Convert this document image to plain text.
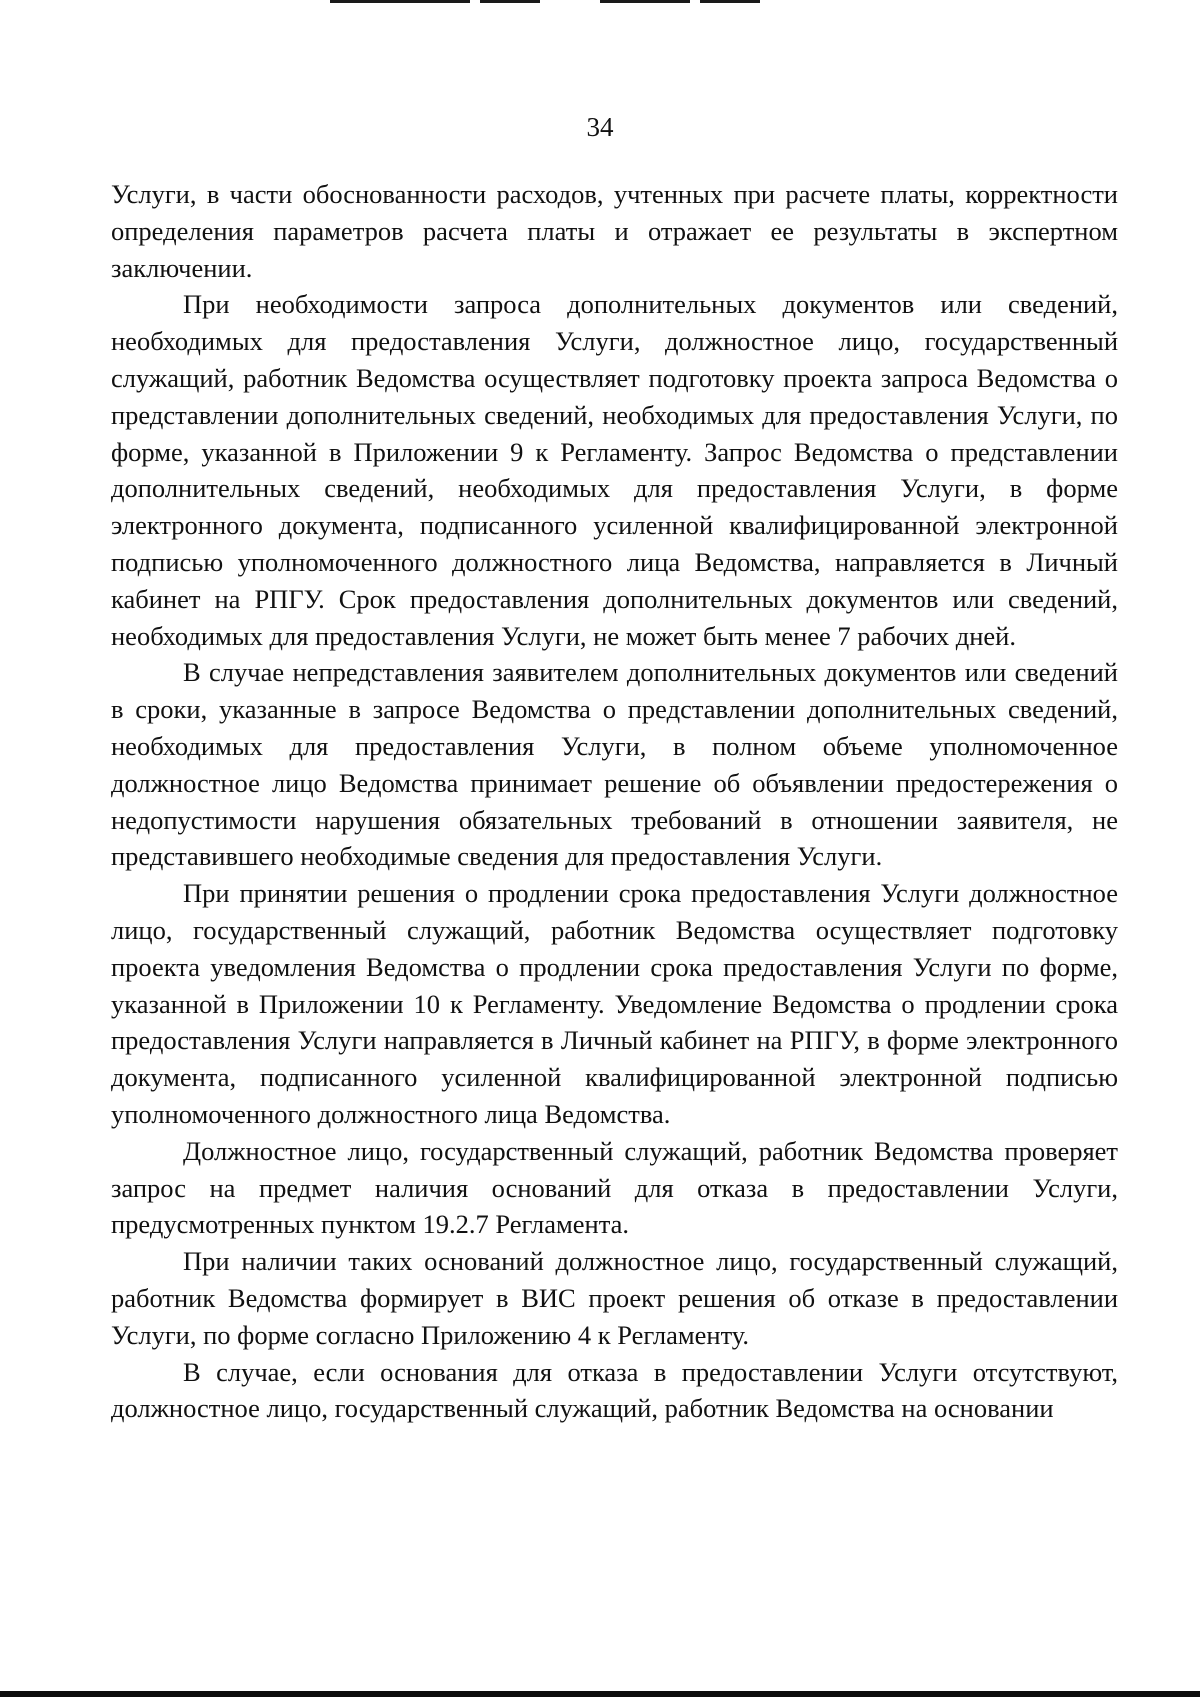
34

Услуги, в части обоснованности расходов, учтенных при расчете платы, корректности определения параметров расчета платы и отражает ее результаты в экспертном заключении.

При необходимости запроса дополнительных документов или сведений, необходимых для предоставления Услуги, должностное лицо, государственный служащий, работник Ведомства осуществляет подготовку проекта запроса Ведомства о представлении дополнительных сведений, необходимых для предоставления Услуги, по форме, указанной в Приложении 9 к Регламенту. Запрос Ведомства о представлении дополнительных сведений, необходимых для предоставления Услуги, в форме электронного документа, подписанного усиленной квалифицированной электронной подписью уполномоченного должностного лица Ведомства, направляется в Личный кабинет на РПГУ. Срок предоставления дополнительных документов или сведений, необходимых для предоставления Услуги, не может быть менее 7 рабочих дней.

В случае непредставления заявителем дополнительных документов или сведений в сроки, указанные в запросе Ведомства о представлении дополнительных сведений, необходимых для предоставления Услуги, в полном объеме уполномоченное должностное лицо Ведомства принимает решение об объявлении предостережения о недопустимости нарушения обязательных требований в отношении заявителя, не представившего необходимые сведения для предоставления Услуги.

При принятии решения о продлении срока предоставления Услуги должностное лицо, государственный служащий, работник Ведомства осуществляет подготовку проекта уведомления Ведомства о продлении срока предоставления Услуги по форме, указанной в Приложении 10 к Регламенту. Уведомление Ведомства о продлении срока предоставления Услуги направляется в Личный кабинет на РПГУ, в форме электронного документа, подписанного усиленной квалифицированной электронной подписью уполномоченного должностного лица Ведомства.

Должностное лицо, государственный служащий, работник Ведомства проверяет запрос на предмет наличия оснований для отказа в предоставлении Услуги, предусмотренных пунктом 19.2.7 Регламента.

При наличии таких оснований должностное лицо, государственный служащий, работник Ведомства формирует в ВИС проект решения об отказе в предоставлении Услуги, по форме согласно Приложению 4 к Регламенту.

В случае, если основания для отказа в предоставлении Услуги отсутствуют, должностное лицо, государственный служащий, работник Ведомства на основании
